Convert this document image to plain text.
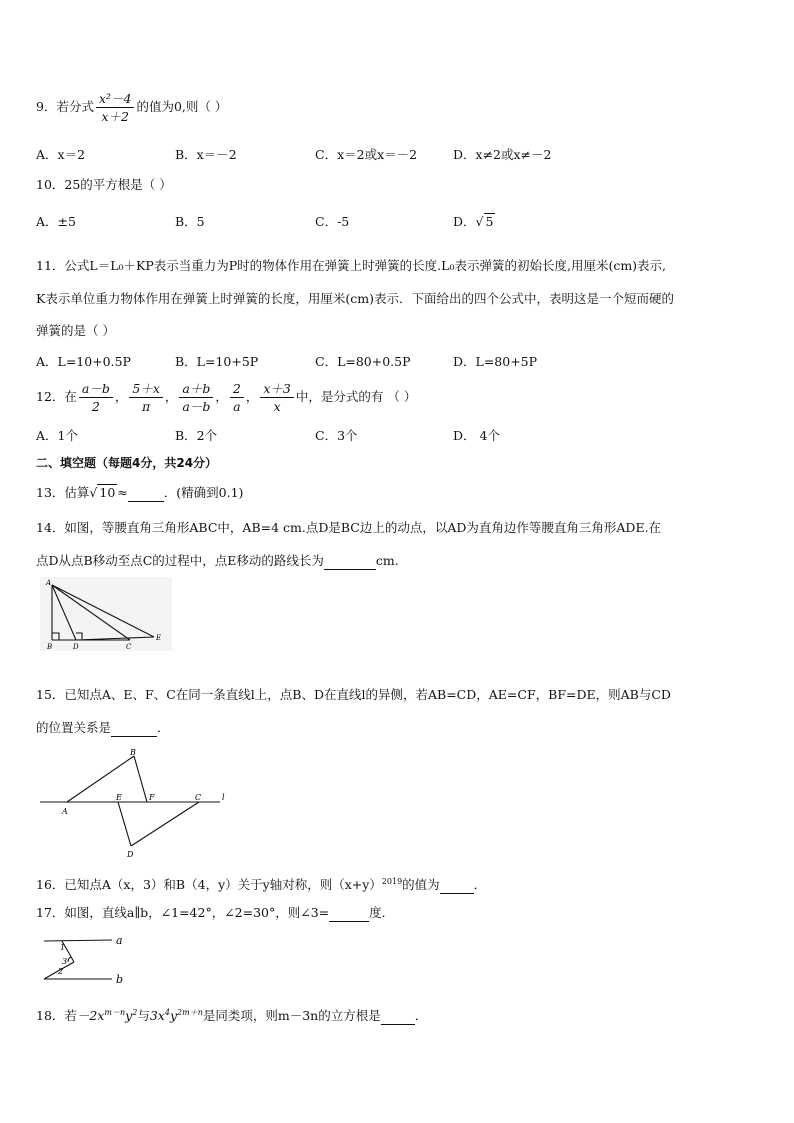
9．若分式 $\frac{\text{x²－4}}{x+2}$ 的值为0,则（ ）
A．x＝2	B．x＝－2	C．x＝2或x＝－2	D．x≠2或x≠－2
10．25的平方根是（ ）
A．±5	B．5	C．-5	D．√ 5
11．公式L＝L₀＋KP表示当重力为P时的物体作用在弹簧上时弹簧的长度.L₀表示弹簧的初始长度,用厘米(cm)表示,
K表示单位重力物体作用在弹簧上时弹簧的长度，用厘米(cm)表示．下面给出的四个公式中，表明这是一个短而硬的
弹簧的是（ ）
A．L=10+0.5P	B．L=10+5P	C．L=80+0.5P	D．L=80+5P
12．在 $\frac{a-b}{2}$ ， $\frac{5+x}{\pi}$ ， $\frac{a+b}{a-b}$ ， $\frac{2}{a}$ ， $\frac{x+3}{x}$ 中，是分式的有 （ ）
A．1个	B．2个	C．3个	D． 4个
二、填空题（每题4分，共24分）
13．估算√ 10 ≈	．(精确到0.1)
14．如图，等腰直角三角形ABC中，AB=4 cm.点D是BC边上的动点，以AD为直角边作等腰直角三角形ADE.在
点D从点B移动至点C的过程中，点E移动的路线长为	cm.
A
B	D	C
E
15．已知点A、E、F、C在同一条直线l上，点B、D在直线l的异侧，若AB=CD，AE=CF，BF=DE，则AB与CD
的位置关系是	．
B
A
E	F	C	l
D
16．已知点A（x，3）和B（4，y）关于y轴对称，则$(x+y)^{2019}$的值为	．
17．如图，直线a∥b，∠1=42°，∠2=30°，则∠3=	度．
a
b
1
2
3
18．若$-2x^{m-n}y^2$与$3x^4y^{2m+n}$是同类项，则m－3n的立方根是	．
